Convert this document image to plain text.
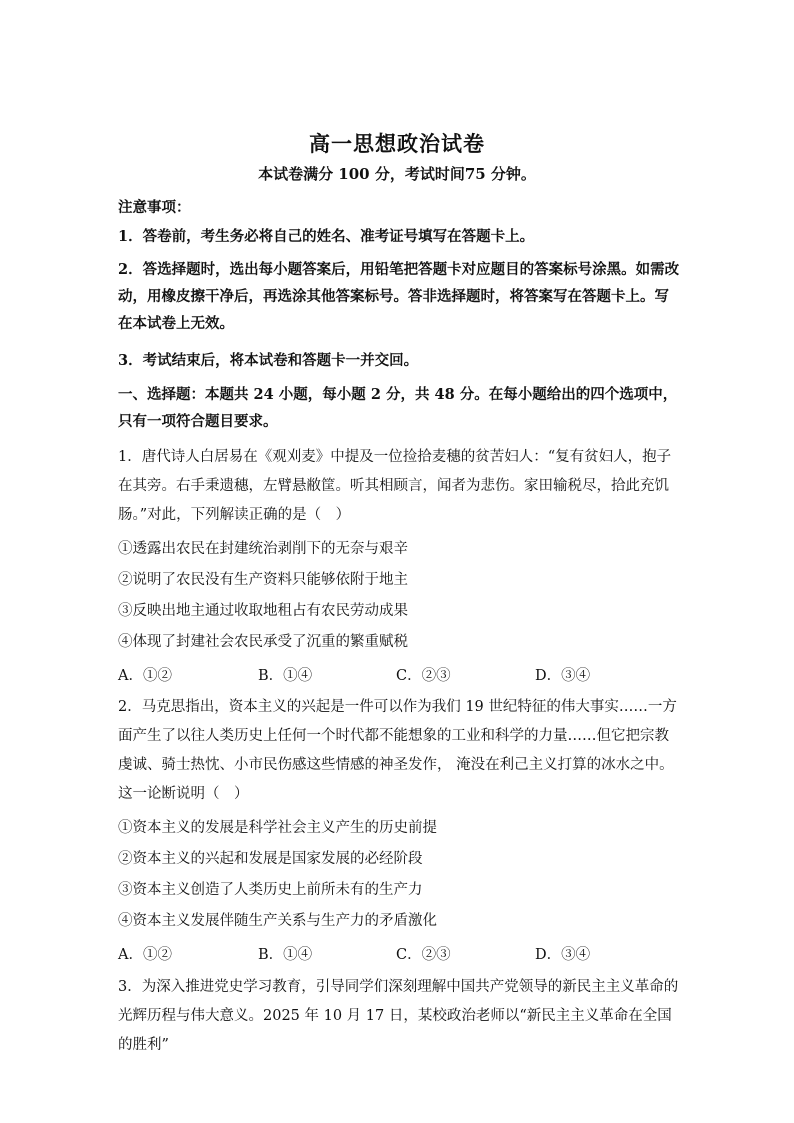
高一思想政治试卷
本试卷满分 100 分，考试时间75 分钟。
注意事项：
1．答卷前，考生务必将自己的姓名、准考证号填写在答题卡上。
2．答选择题时，选出每小题答案后，用铅笔把答题卡对应题目的答案标号涂黑。如需改动，用橡皮擦干净后，再选涂其他答案标号。答非选择题时，将答案写在答题卡上。写在本试卷上无效。
3．考试结束后，将本试卷和答题卡一并交回。
一、选择题：本题共 24 小题，每小题 2 分，共 48 分。在每小题给出的四个选项中，只有一项符合题目要求。
1．唐代诗人白居易在《观刈麦》中提及一位捡拾麦穗的贫苦妇人：“复有贫妇人，抱子在其旁。右手秉遗穗，左臂悬敝筐。听其相顾言，闻者为悲伤。家田输税尽，拾此充饥肠。”对此，下列解读正确的是（　）
①透露出农民在封建统治剥削下的无奈与艰辛
②说明了农民没有生产资料只能够依附于地主
③反映出地主通过收取地租占有农民劳动成果
④体现了封建社会农民承受了沉重的繁重赋税
A．①②	B．①④	C．②③	D．③④
2．马克思指出，资本主义的兴起是一件可以作为我们 19 世纪特征的伟大事实……一方面产生了以往人类历史上任何一个时代都不能想象的工业和科学的力量……但它把宗教虔诚、骑士热忱、小市民伤感这些情感的神圣发作， 淹没在利己主义打算的冰水之中。这一论断说明（　）
①资本主义的发展是科学社会主义产生的历史前提
②资本主义的兴起和发展是国家发展的必经阶段
③资本主义创造了人类历史上前所未有的生产力
④资本主义发展伴随生产关系与生产力的矛盾激化
A．①②	B．①④	C．②③	D．③④
3．为深入推进党史学习教育，引导同学们深刻理解中国共产党领导的新民主主义革命的光辉历程与伟大意义。2025 年 10 月 17 日，某校政治老师以“新民主主义革命在全国的胜利”
